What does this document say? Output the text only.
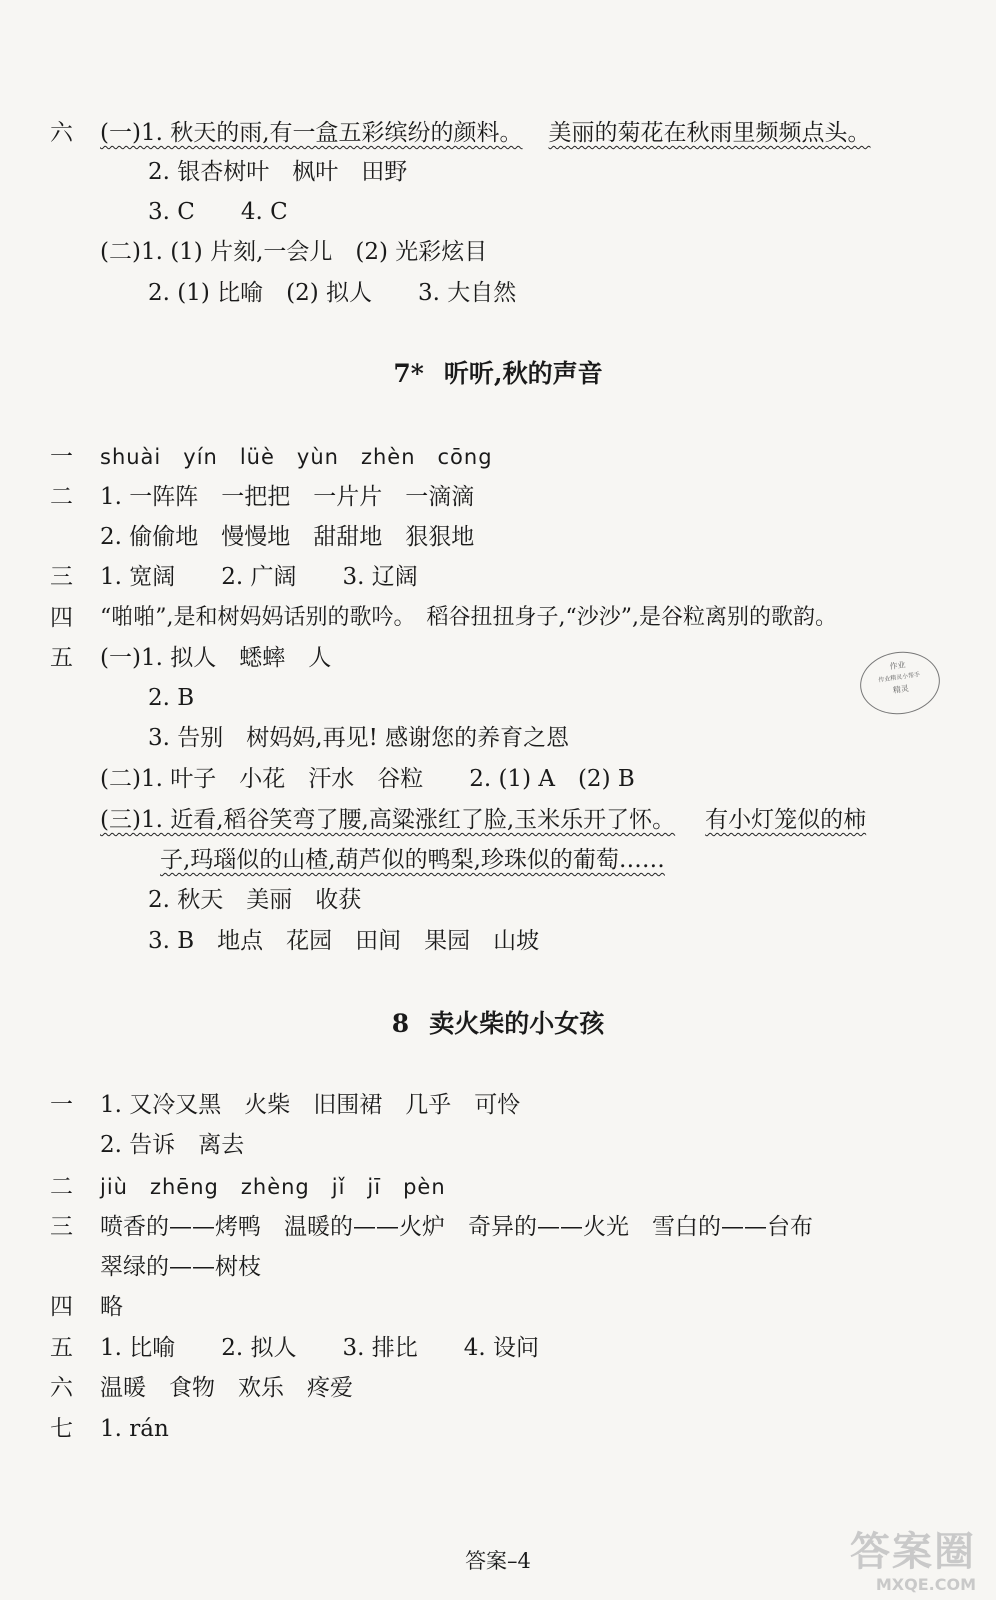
六 (一)1. 秋天的雨,有一盒五彩缤纷的颜料。 美丽的菊花在秋雨里频频点头。
2. 银杏树叶　枫叶　田野
3. C　　4. C
(二)1. (1) 片刻,一会儿　(2) 光彩炫目
2. (1) 比喻　(2) 拟人　　3. 大自然
7* 听听,秋的声音
一 shuài　yín　lüè　yùn　zhèn　cōng
二 1. 一阵阵　一把把　一片片　一滴滴
2. 偷偷地　慢慢地　甜甜地　狠狠地
三 1. 宽阔　　2. 广阔　　3. 辽阔
四 “啪啪”,是和树妈妈话别的歌吟。　稻谷扭扭身子,“沙沙”,是谷粒离别的歌韵。
五 (一)1. 拟人　蟋蟀　人
2. B
3. 告别　树妈妈,再见! 感谢您的养育之恩
(二)1. 叶子　小花　汗水　谷粒　　2. (1) A　(2) B
(三)1. 近看,稻谷笑弯了腰,高粱涨红了脸,玉米乐开了怀。 有小灯笼似的柿
子,玛瑙似的山楂,葫芦似的鸭梨,珍珠似的葡萄……
2. 秋天　美丽　收获
3. B　地点　花园　田间　果园　山坡
作业
作业精灵小帮手
精灵
8 卖火柴的小女孩
一 1. 又冷又黑　火柴　旧围裙　几乎　可怜
2. 告诉　离去
二 jiù　zhēng　zhèng　jǐ　jī　pèn
三 喷香的——烤鸭　温暖的——火炉　奇异的——火光　雪白的——台布
翠绿的——树枝
四 略
五 1. 比喻　　2. 拟人　　3. 排比　　4. 设问
六 温暖　食物　欢乐　疼爱
七 1. rán
答案–4	答案圈
MXQE.COM
